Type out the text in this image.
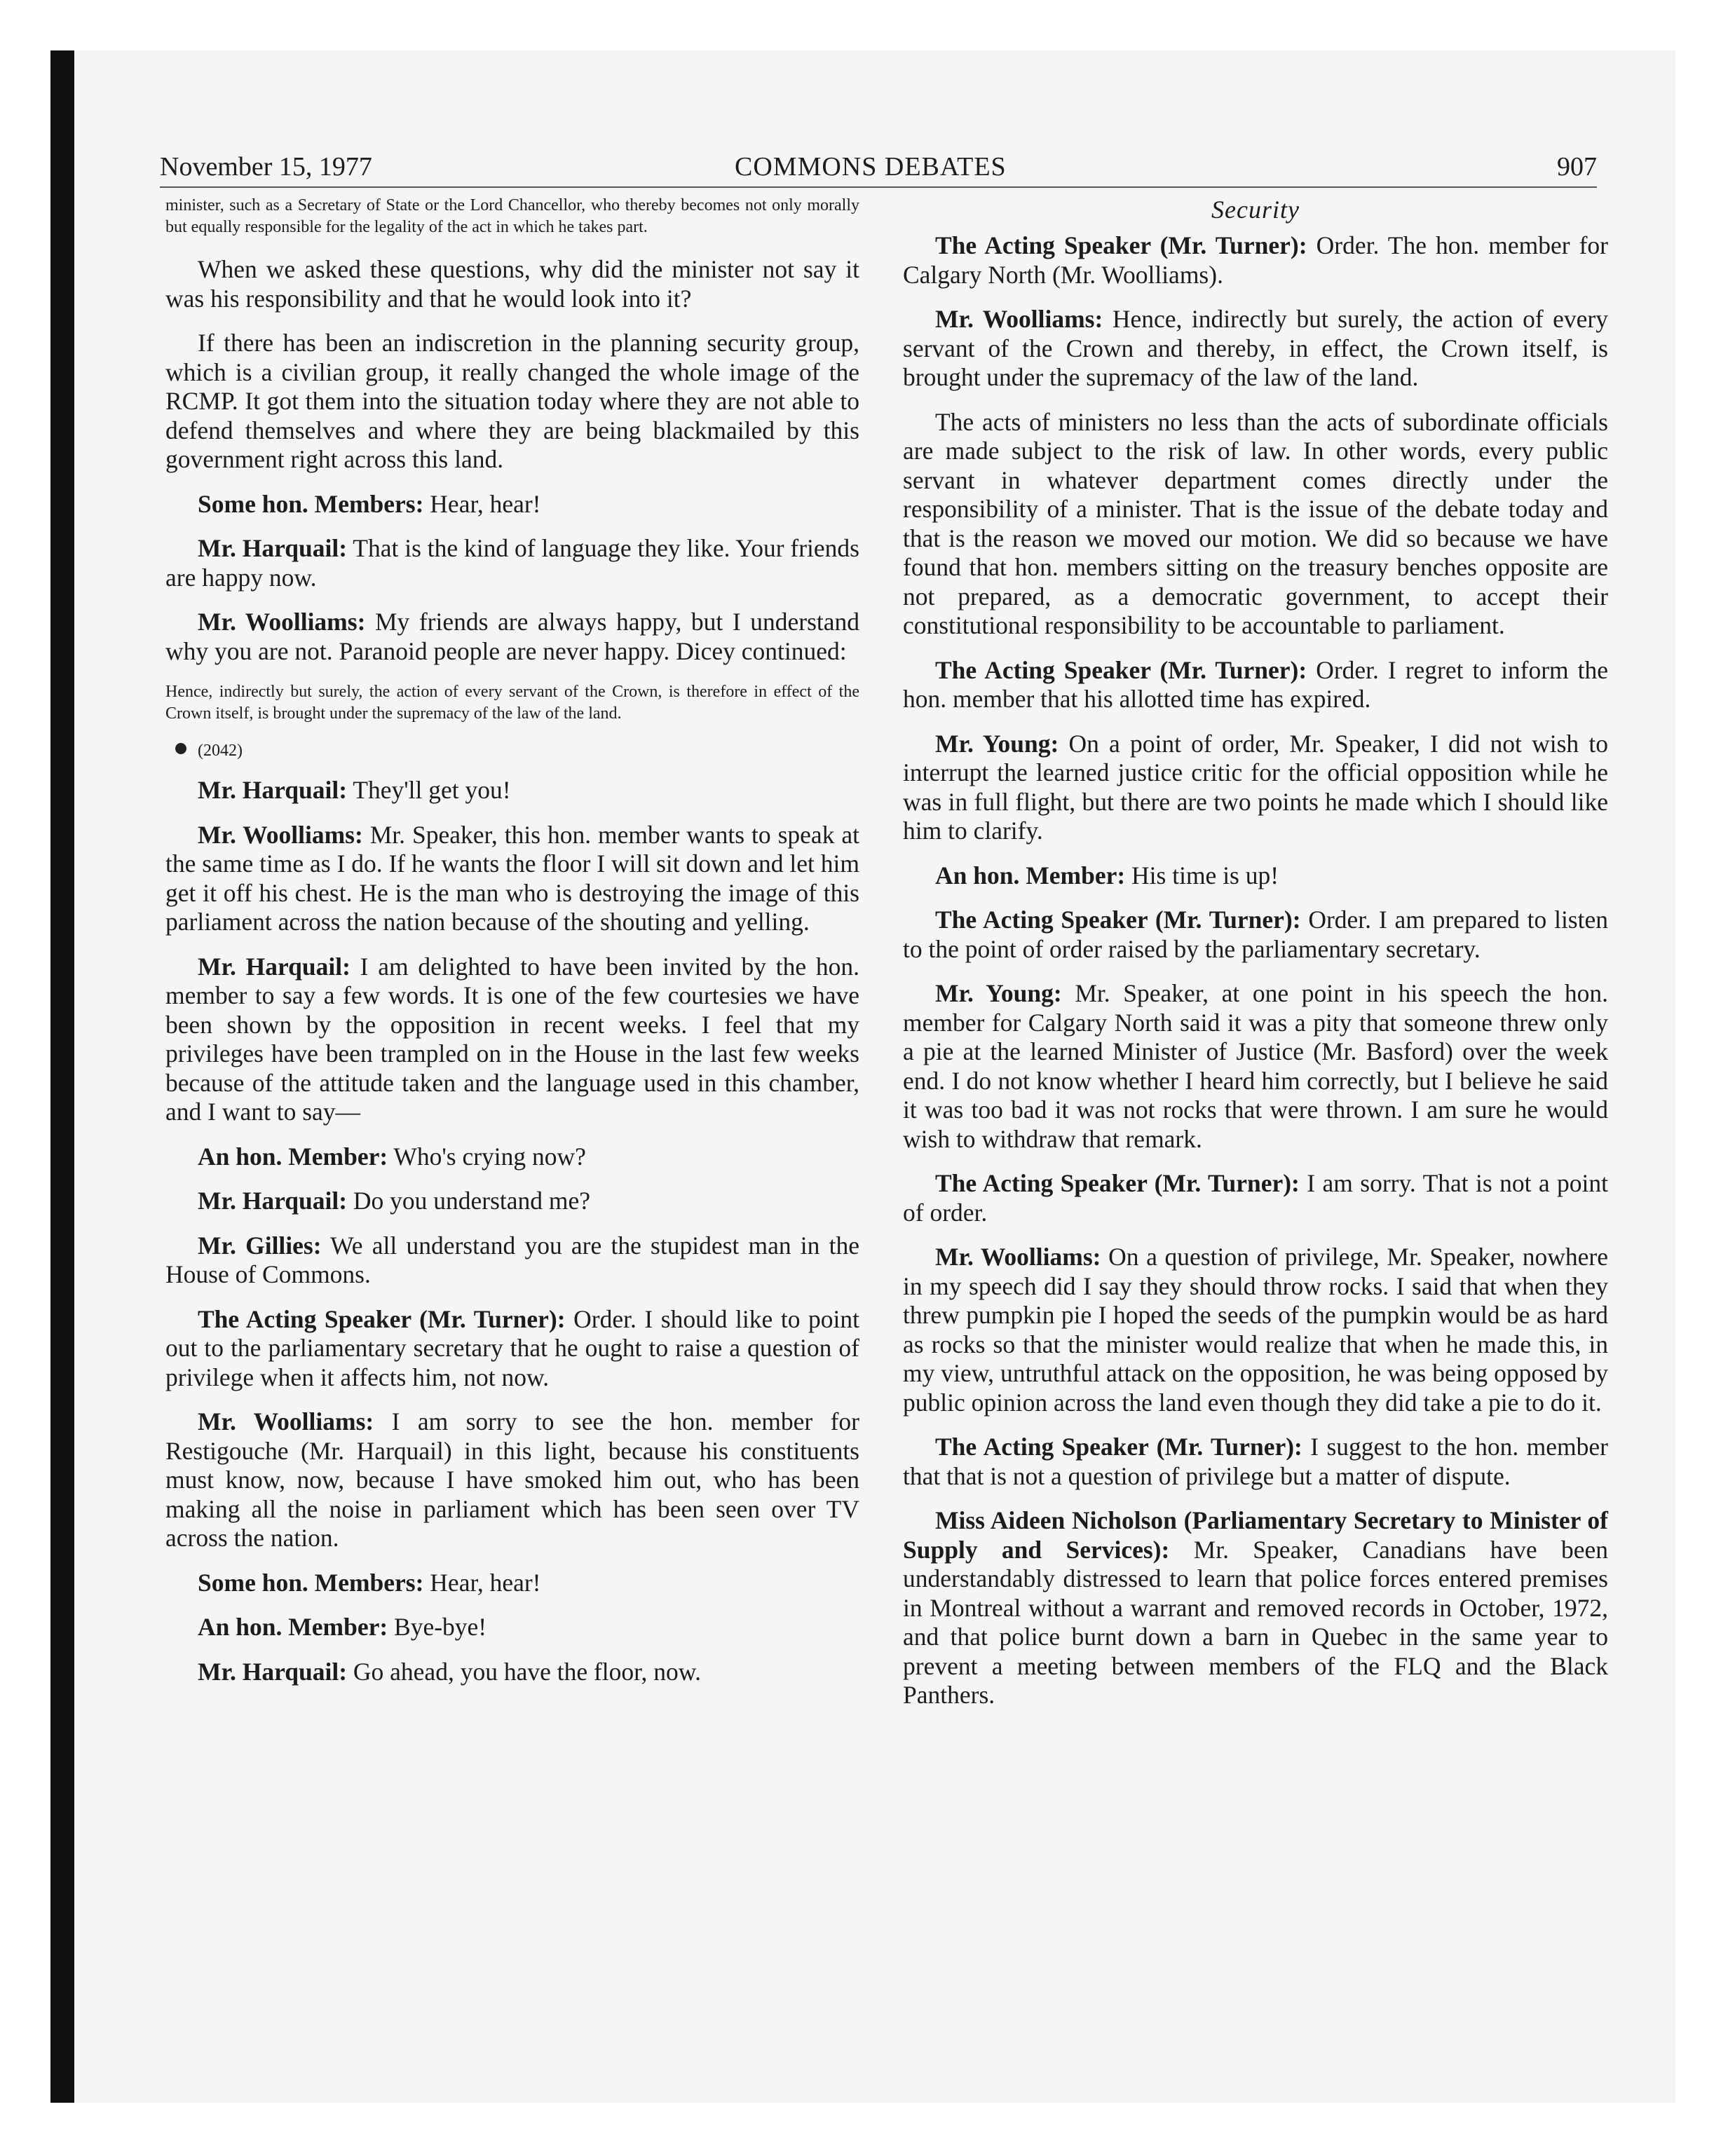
November 15, 1977	COMMONS DEBATES	907

minister, such as a Secretary of State or the Lord Chancellor, who thereby becomes not only morally but equally responsible for the legality of the act in which he takes part.

When we asked these questions, why did the minister not say it was his responsibility and that he would look into it?

If there has been an indiscretion in the planning security group, which is a civilian group, it really changed the whole image of the RCMP. It got them into the situation today where they are not able to defend themselves and where they are being blackmailed by this government right across this land.

Some hon. Members: Hear, hear!

Mr. Harquail: That is the kind of language they like. Your friends are happy now.

Mr. Woolliams: My friends are always happy, but I understand why you are not. Paranoid people are never happy. Dicey continued:

Hence, indirectly but surely, the action of every servant of the Crown, is therefore in effect of the Crown itself, is brought under the supremacy of the law of the land.

(2042)

Mr. Harquail: They'll get you!

Mr. Woolliams: Mr. Speaker, this hon. member wants to speak at the same time as I do. If he wants the floor I will sit down and let him get it off his chest. He is the man who is destroying the image of this parliament across the nation because of the shouting and yelling.

Mr. Harquail: I am delighted to have been invited by the hon. member to say a few words. It is one of the few courtesies we have been shown by the opposition in recent weeks. I feel that my privileges have been trampled on in the House in the last few weeks because of the attitude taken and the language used in this chamber, and I want to say—

An hon. Member: Who's crying now?

Mr. Harquail: Do you understand me?

Mr. Gillies: We all understand you are the stupidest man in the House of Commons.

The Acting Speaker (Mr. Turner): Order. I should like to point out to the parliamentary secretary that he ought to raise a question of privilege when it affects him, not now.

Mr. Woolliams: I am sorry to see the hon. member for Restigouche (Mr. Harquail) in this light, because his constituents must know, now, because I have smoked him out, who has been making all the noise in parliament which has been seen over TV across the nation.

Some hon. Members: Hear, hear!

An hon. Member: Bye-bye!

Mr. Harquail: Go ahead, you have the floor, now.

Security

The Acting Speaker (Mr. Turner): Order. The hon. member for Calgary North (Mr. Woolliams).

Mr. Woolliams: Hence, indirectly but surely, the action of every servant of the Crown and thereby, in effect, the Crown itself, is brought under the supremacy of the law of the land.

The acts of ministers no less than the acts of subordinate officials are made subject to the risk of law. In other words, every public servant in whatever department comes directly under the responsibility of a minister. That is the issue of the debate today and that is the reason we moved our motion. We did so because we have found that hon. members sitting on the treasury benches opposite are not prepared, as a democratic government, to accept their constitutional responsibility to be accountable to parliament.

The Acting Speaker (Mr. Turner): Order. I regret to inform the hon. member that his allotted time has expired.

Mr. Young: On a point of order, Mr. Speaker, I did not wish to interrupt the learned justice critic for the official opposition while he was in full flight, but there are two points he made which I should like him to clarify.

An hon. Member: His time is up!

The Acting Speaker (Mr. Turner): Order. I am prepared to listen to the point of order raised by the parliamentary secretary.

Mr. Young: Mr. Speaker, at one point in his speech the hon. member for Calgary North said it was a pity that someone threw only a pie at the learned Minister of Justice (Mr. Basford) over the week end. I do not know whether I heard him correctly, but I believe he said it was too bad it was not rocks that were thrown. I am sure he would wish to withdraw that remark.

The Acting Speaker (Mr. Turner): I am sorry. That is not a point of order.

Mr. Woolliams: On a question of privilege, Mr. Speaker, nowhere in my speech did I say they should throw rocks. I said that when they threw pumpkin pie I hoped the seeds of the pumpkin would be as hard as rocks so that the minister would realize that when he made this, in my view, untruthful attack on the opposition, he was being opposed by public opinion across the land even though they did take a pie to do it.

The Acting Speaker (Mr. Turner): I suggest to the hon. member that that is not a question of privilege but a matter of dispute.

Miss Aideen Nicholson (Parliamentary Secretary to Minister of Supply and Services): Mr. Speaker, Canadians have been understandably distressed to learn that police forces entered premises in Montreal without a warrant and removed records in October, 1972, and that police burnt down a barn in Quebec in the same year to prevent a meeting between members of the FLQ and the Black Panthers.
